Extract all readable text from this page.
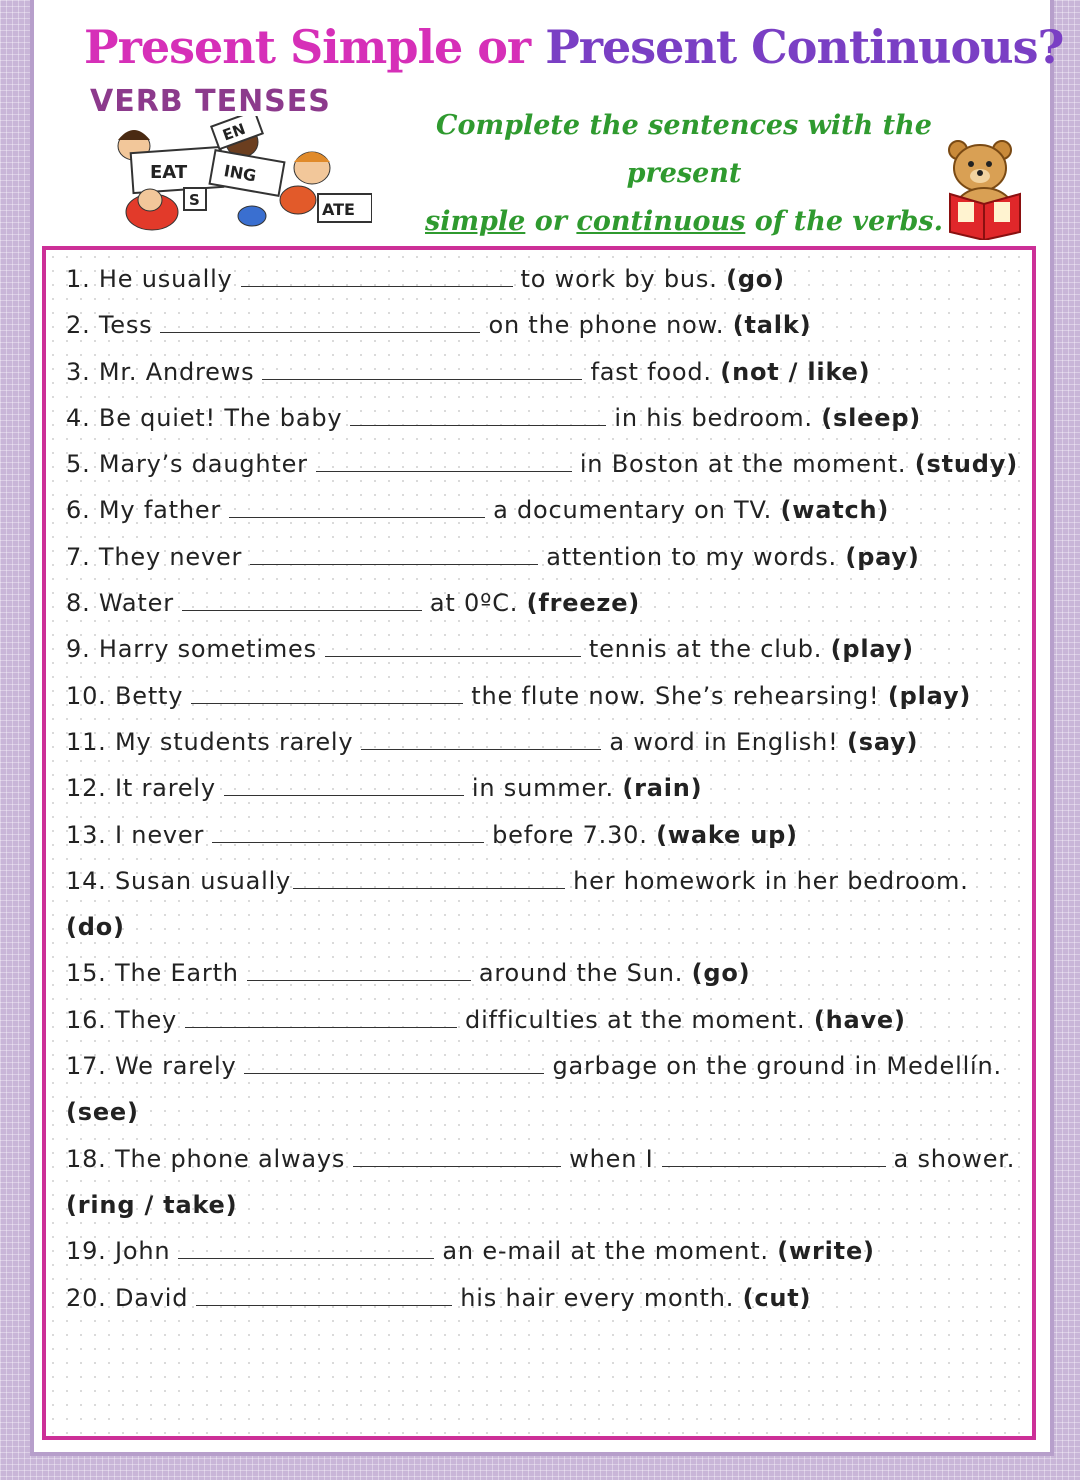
Present Simple or Present Continuous?
VERB TENSES
EAT ING
EN
S	ATE
Complete the sentences with the present
simple or continuous of the verbs.
1. He usually	to work by bus. (go)
2. Tess	on the phone now. (talk)
3. Mr. Andrews	fast food. (not / like)
4. Be quiet! The baby	in his bedroom. (sleep)
5. Mary’s daughter	in Boston at the moment. (study)
6. My father	a documentary on TV. (watch)
7. They never	attention to my words. (pay)
8. Water	at 0ºC. (freeze)
9. Harry sometimes	tennis at the club. (play)
10. Betty	the flute now. She’s rehearsing! (play)
11. My students rarely	a word in English! (say)
12. It rarely	in summer. (rain)
13. I never	before 7.30. (wake up)
14. Susan usually	her homework in her bedroom. (do)
15. The Earth	around the Sun. (go)
16. They	difficulties at the moment. (have)
17. We rarely	garbage on the ground in Medellín. (see)
18. The phone always	when I	a shower. (ring / take)
19. John	an e-mail at the moment. (write)
20. David	his hair every month. (cut)
